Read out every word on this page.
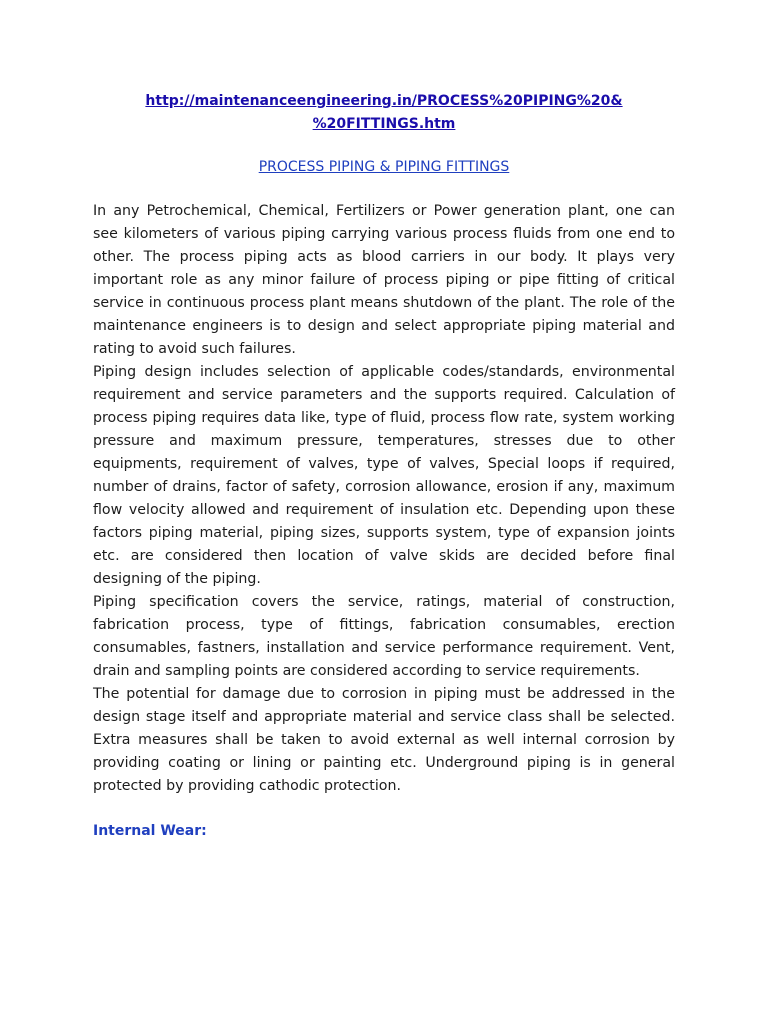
http://maintenanceengineering.in/PROCESS%20PIPING%20&
%20FITTINGS.htm
PROCESS PIPING & PIPING FITTINGS

In any Petrochemical, Chemical, Fertilizers or Power generation plant, one can see kilometers of various piping carrying various process fluids from one end to other. The process piping acts as blood carriers in our body. It plays very important role as any minor failure of process piping or pipe fitting of critical service in continuous process plant means shutdown of the plant. The role of the maintenance engineers is to design and select appropriate piping material and rating to avoid such failures.

Piping design includes selection of applicable codes/standards, environmental requirement and service parameters and the supports required. Calculation of process piping requires data like, type of fluid, process flow rate, system working pressure and maximum pressure, temperatures, stresses due to other equipments, requirement of valves, type of valves, Special loops if required, number of drains, factor of safety, corrosion allowance, erosion if any, maximum flow velocity allowed and requirement of insulation etc. Depending upon these factors piping material, piping sizes, supports system, type of expansion joints etc. are considered then location of valve skids are decided before final designing of the piping.

Piping specification covers the service, ratings, material of construction, fabrication process, type of fittings, fabrication consumables, erection consumables, fastners, installation and service performance requirement. Vent, drain and sampling points are considered according to service requirements.

The potential for damage due to corrosion in piping must be addressed in the design stage itself and appropriate material and service class shall be selected. Extra measures shall be taken to avoid external as well internal corrosion by providing coating or lining or painting etc. Underground piping is in general protected by providing cathodic protection.

Internal Wear:
